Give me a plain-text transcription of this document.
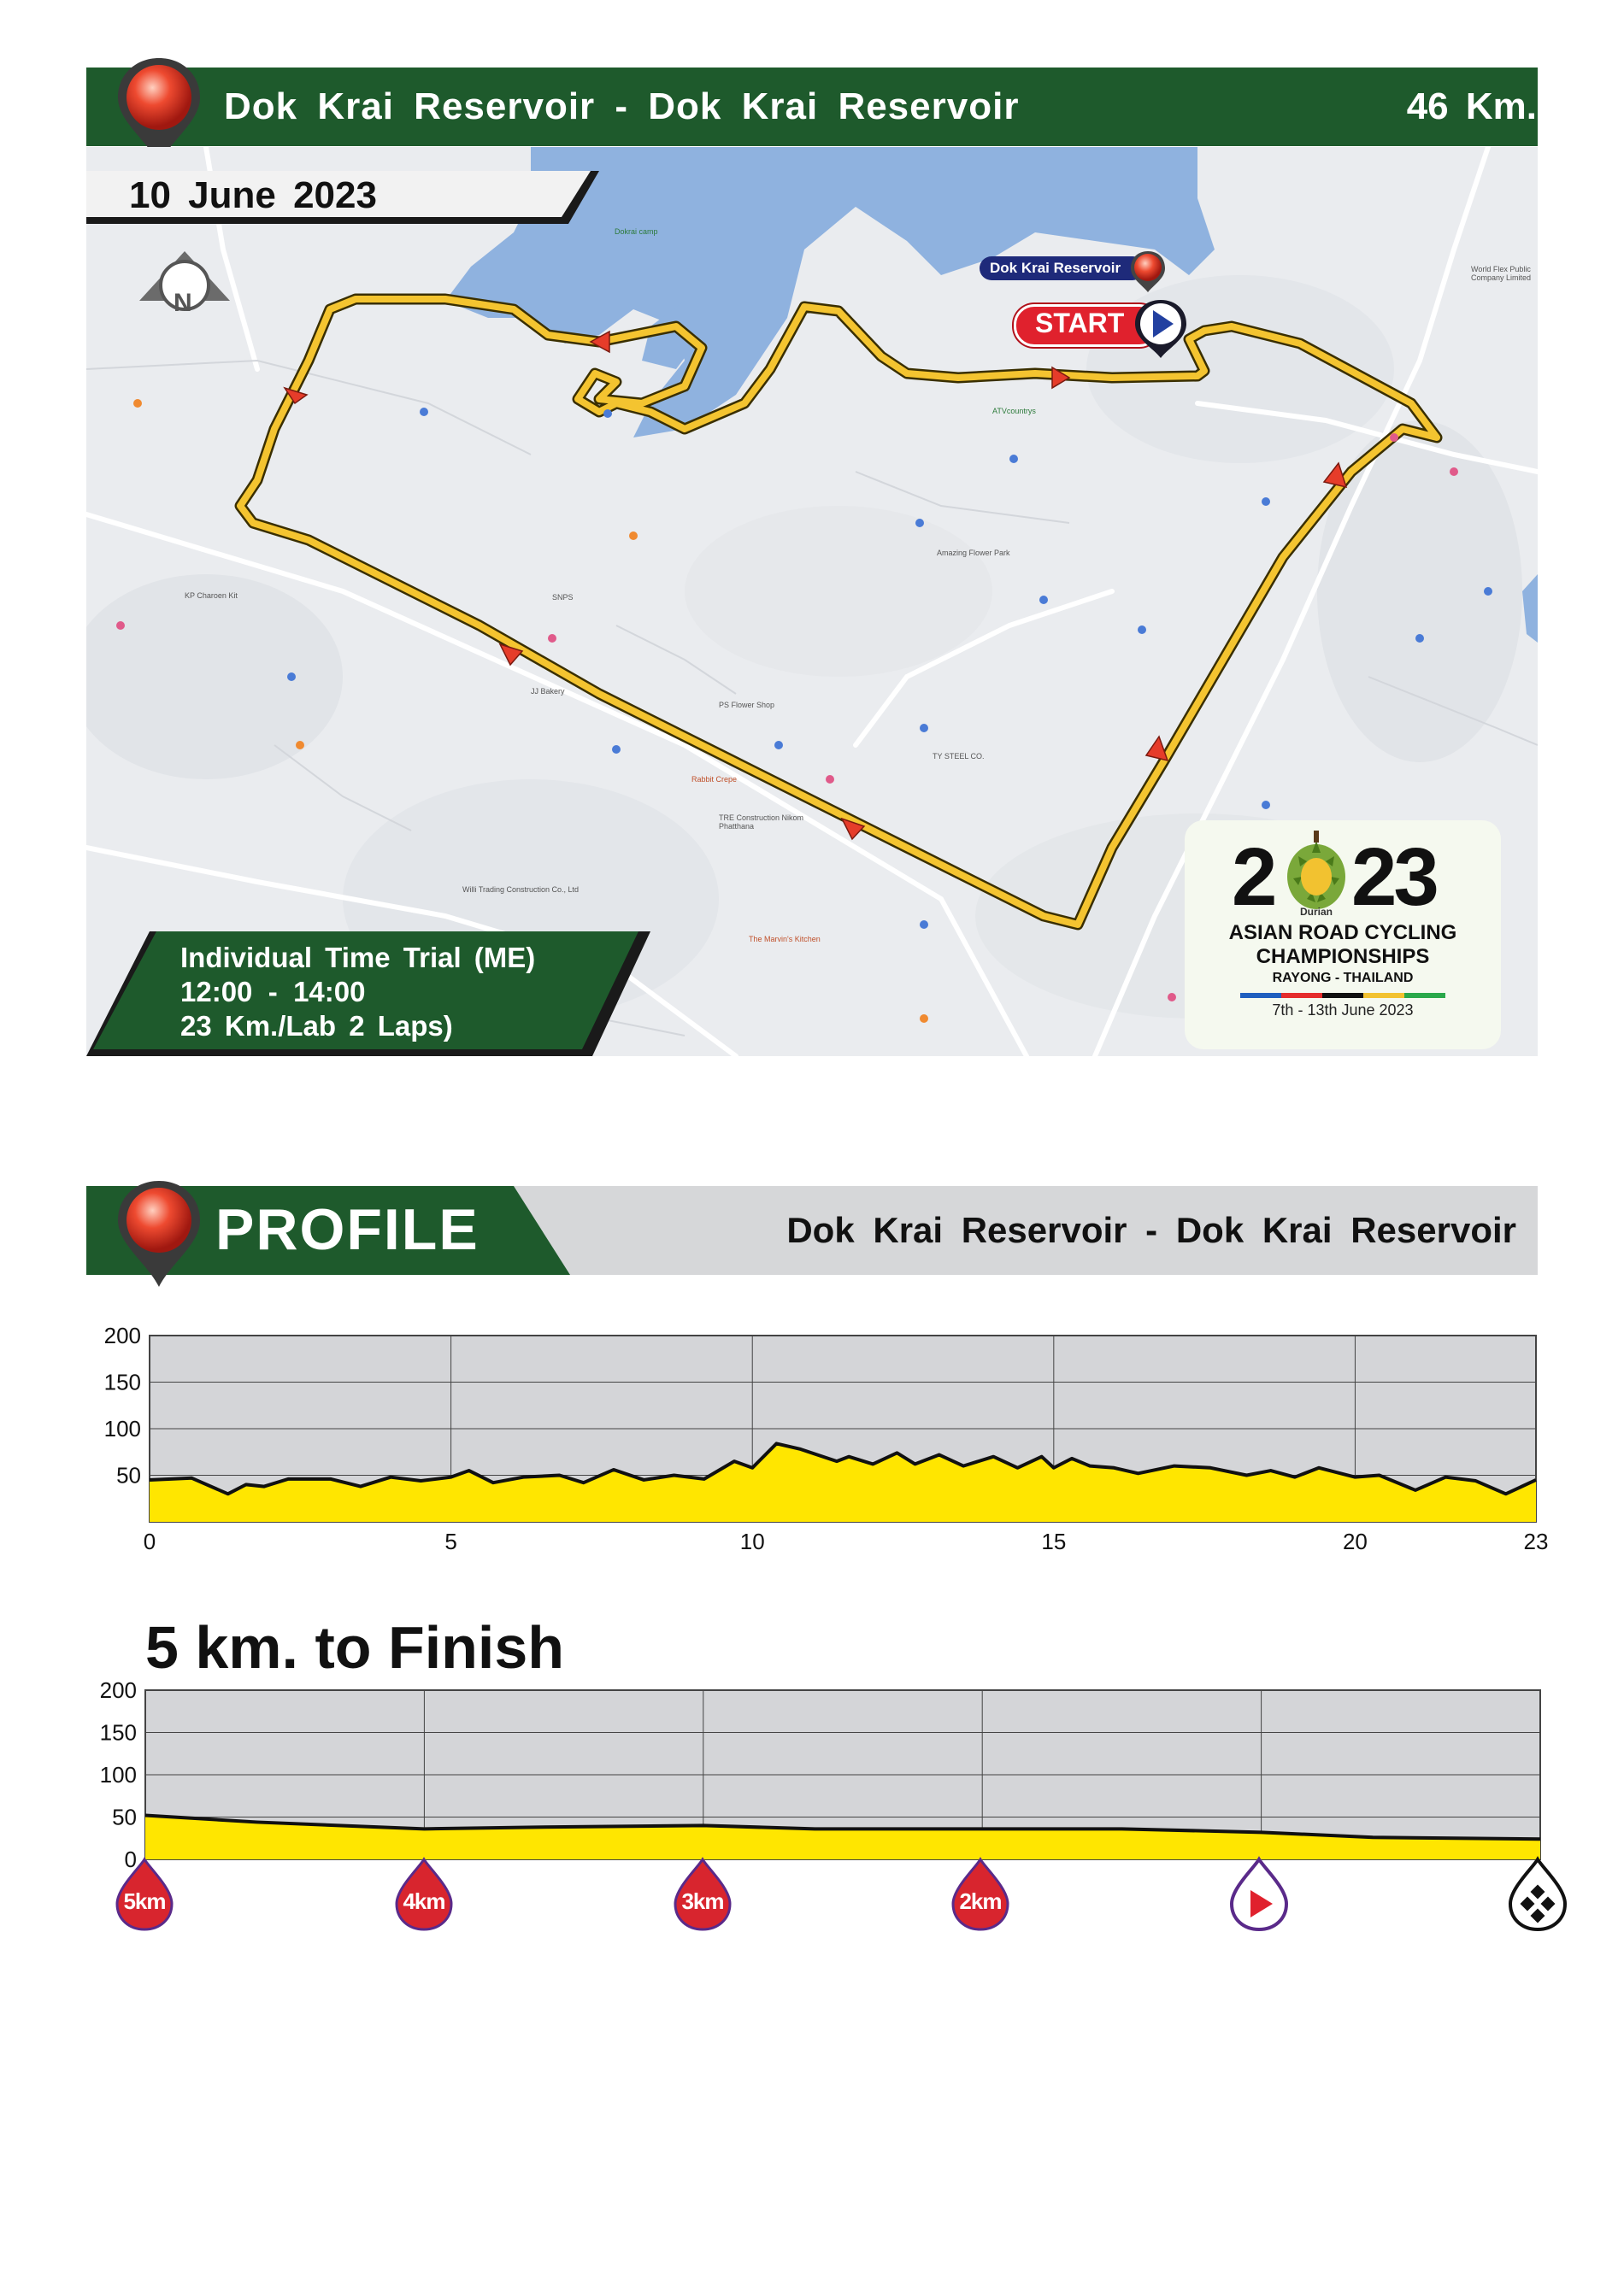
Dok Krai Reservoir - Dok Krai Reservoir	46 Km.
ATVcountrys
Amazing Flower Park
TY STEEL CO.
TRE Construction Nikom Phatthana
Rabbit Crepe
PS Flower Shop
The Marvin's Kitchen
KP Charoen Kit
JJ Bakery
Willi Trading Construction Co., Ltd
World Flex Public Company Limited
Dokrai camp
SNPS
10 June 2023
N
Dok Krai Reservoir
START
Individual Time Trial (ME)
12:00  -  14:00
23 Km./Lab 2 Laps)
2 23
Durian
ASIAN ROAD CYCLING
CHAMPIONSHIPS
RAYONG - THAILAND
7th - 13th June 2023
PROFILE	Dok Krai Reservoir - Dok Krai Reservoir
50
100
150
200
0	5	10	15	20	23
5 km. to Finish
0
50
100
150
200
5km	4km	3km	2km
